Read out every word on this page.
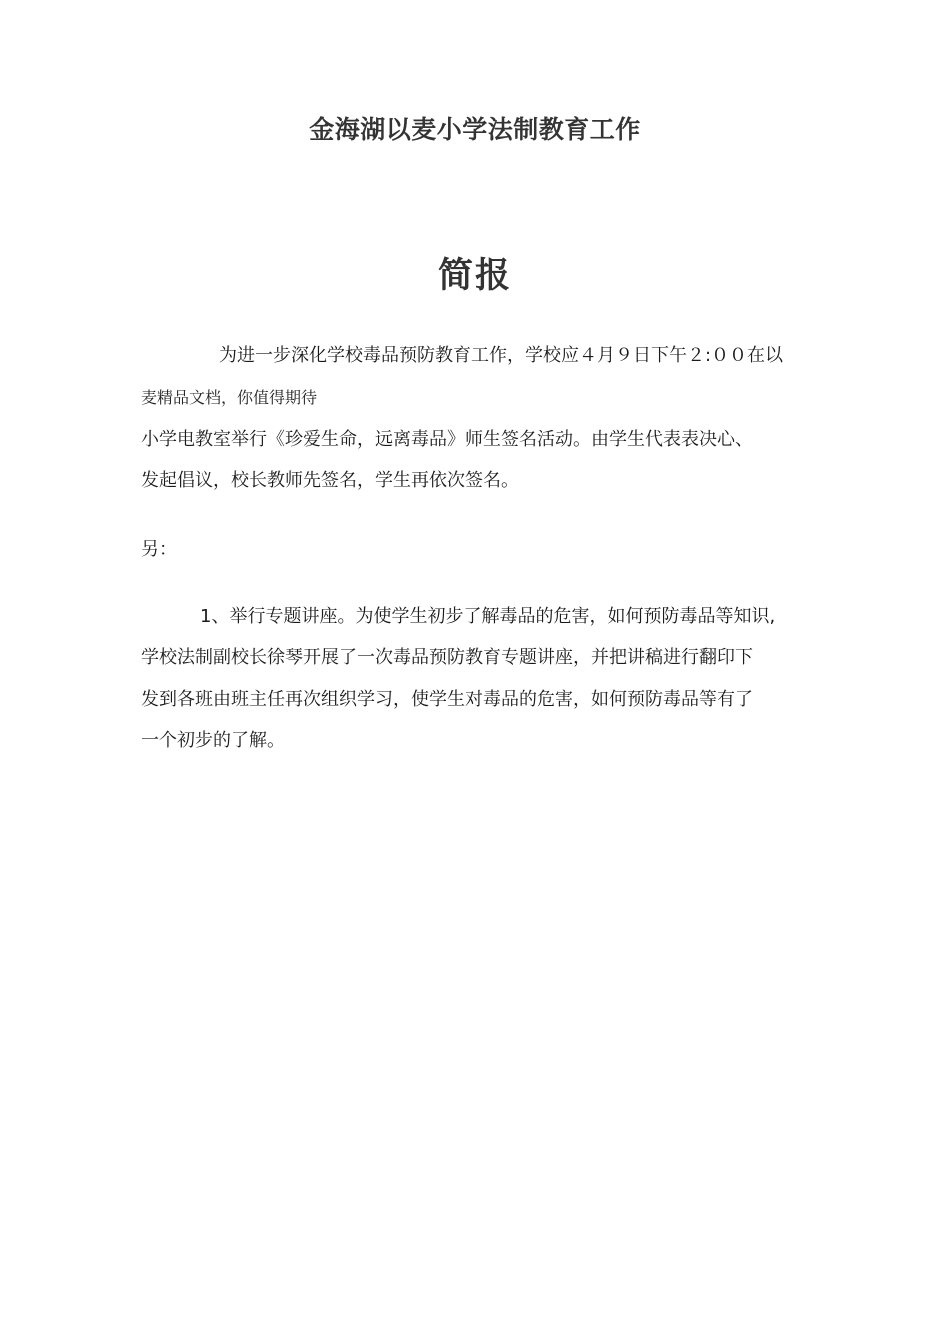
金海湖以麦小学法制教育工作
简报
为进一步深化学校毒品预防教育工作，学校应４月９日下午２:００在以
麦精品文档，你值得期待
小学电教室举行《珍爱生命，远离毒品》师生签名活动。由学生代表表决心、
发起倡议，校长教师先签名，学生再依次签名。
另：
1、举行专题讲座。为使学生初步了解毒品的危害，如何预防毒品等知识,
学校法制副校长徐琴开展了一次毒品预防教育专题讲座，并把讲稿进行翻印下
发到各班由班主任再次组织学习，使学生对毒品的危害，如何预防毒品等有了
一个初步的了解。
